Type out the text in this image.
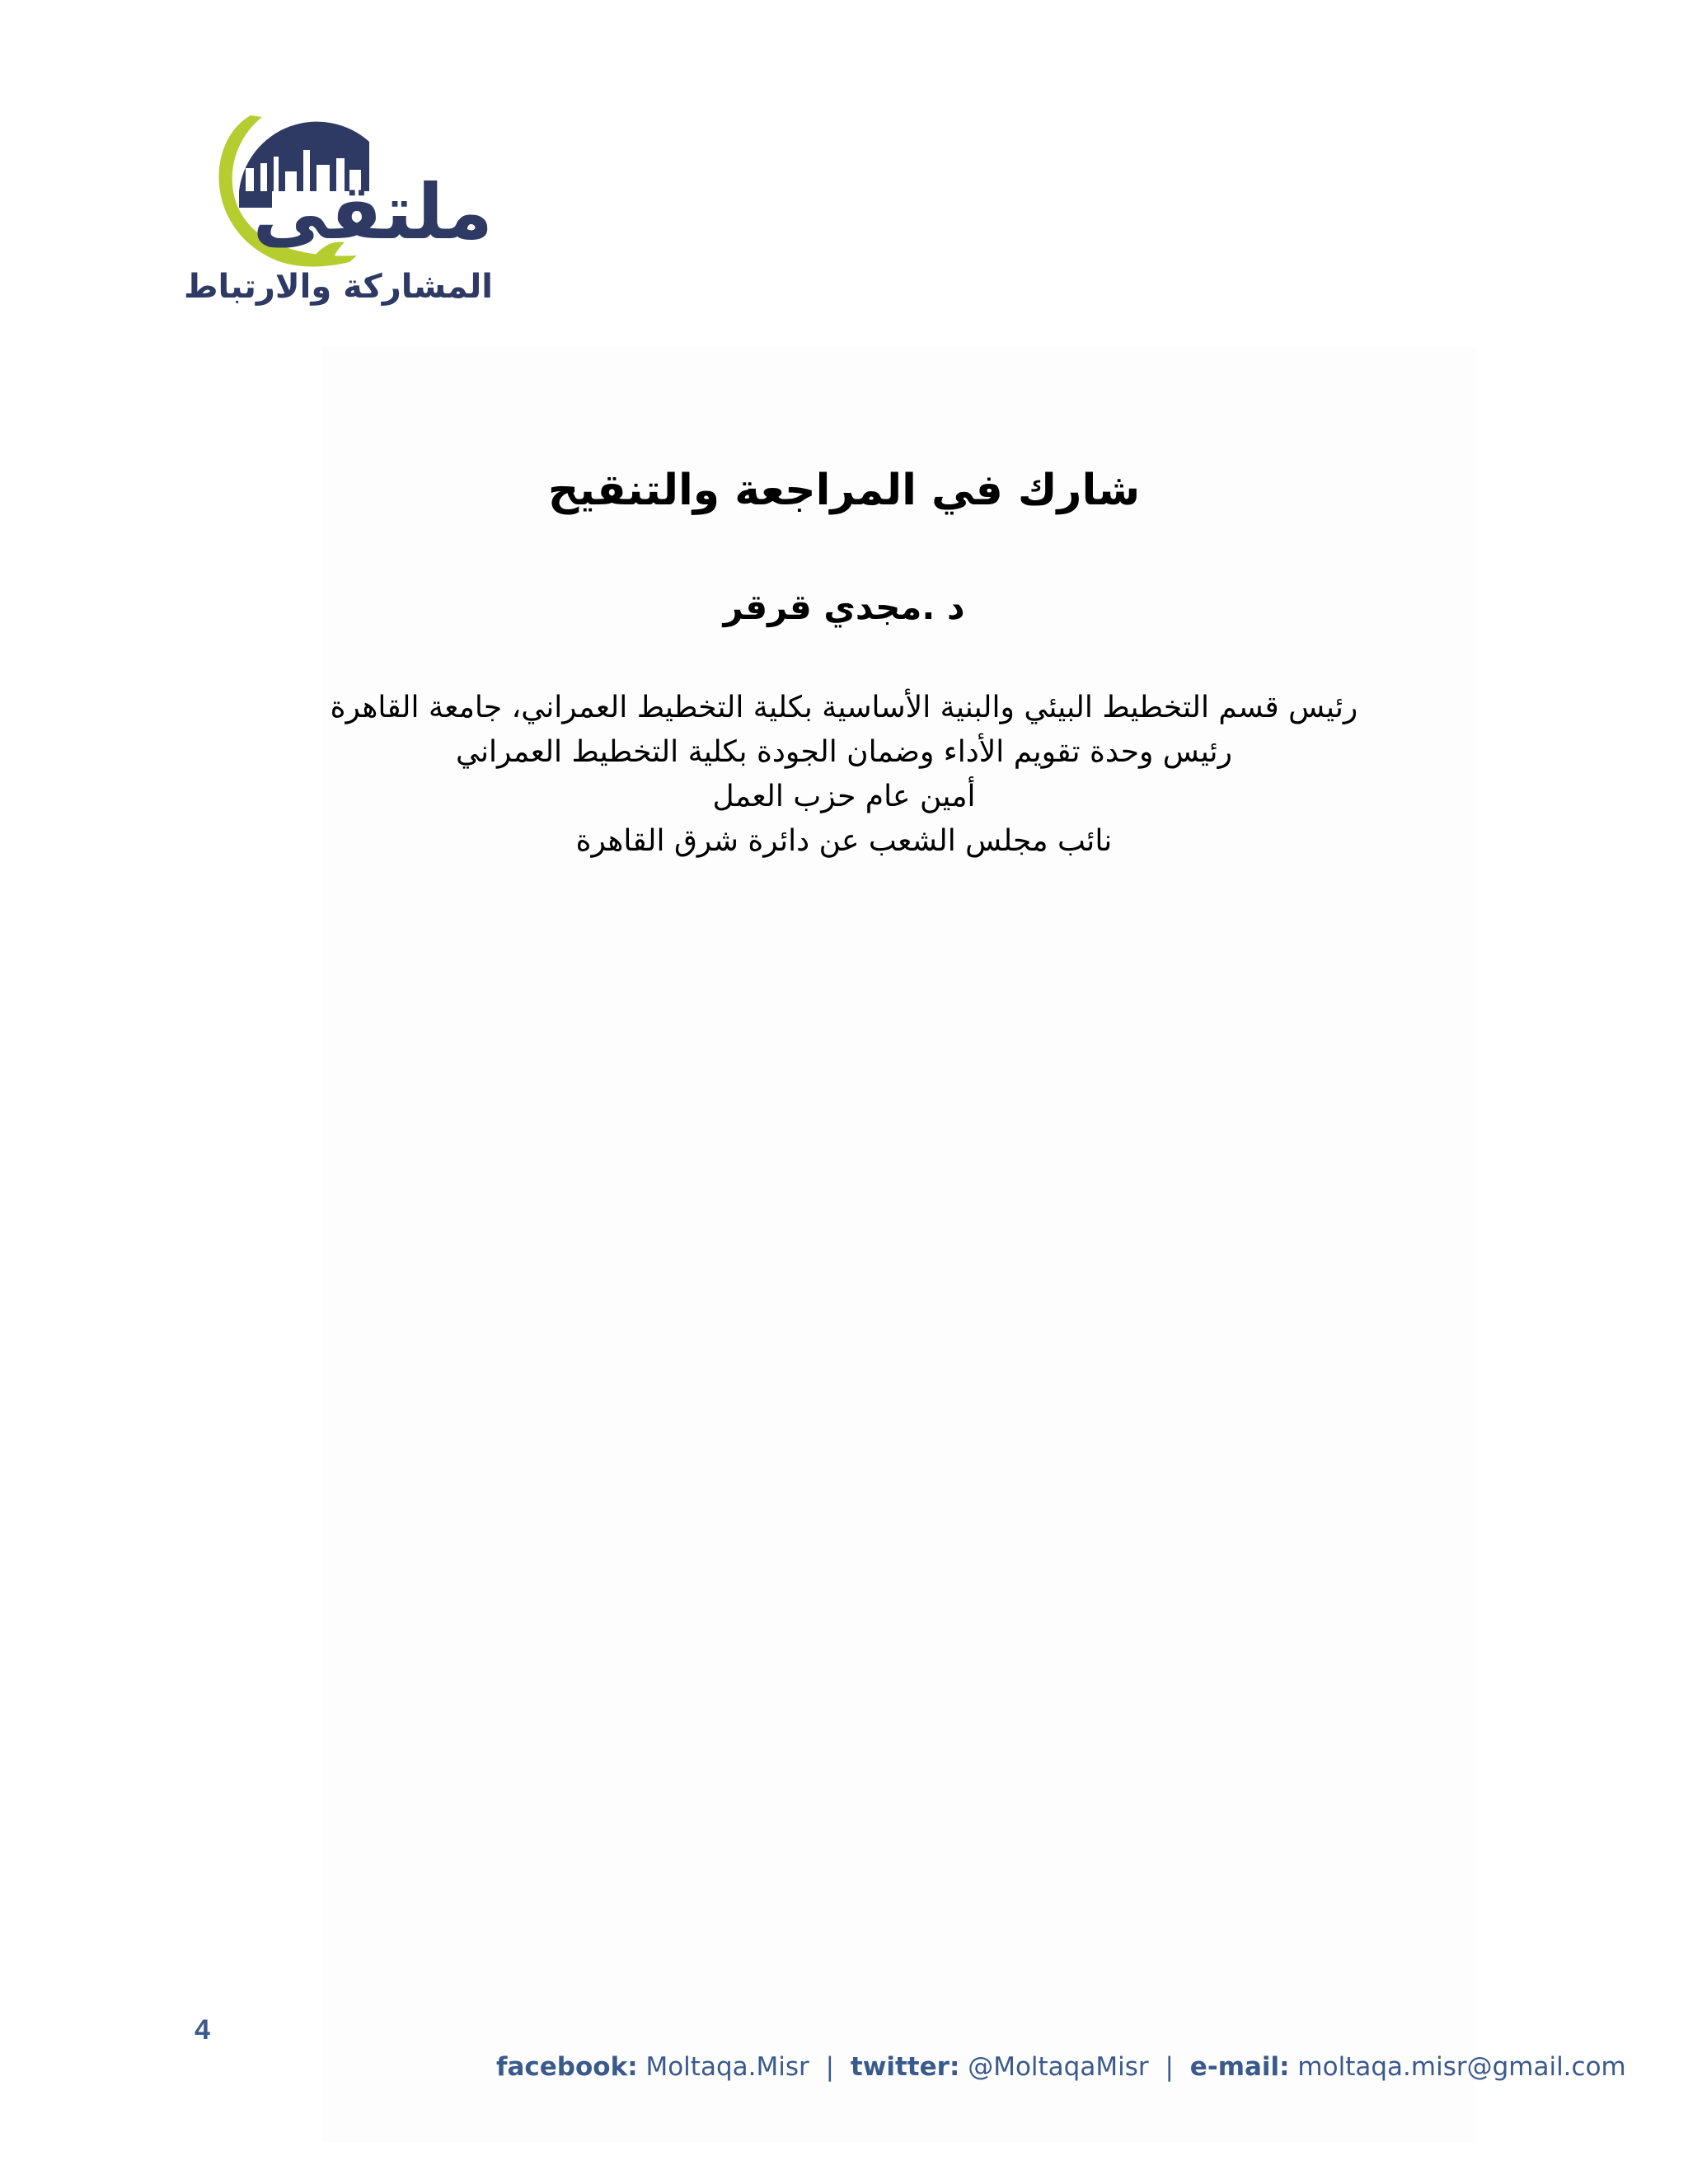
ملتقى
المشاركة والارتباط
شارك في المراجعة والتنقيح
د .مجدي قرقر
رئيس قسم التخطيط البيئي والبنية الأساسية بكلية التخطيط العمراني، جامعة القاهرة
رئيس وحدة تقويم الأداء وضمان الجودة بكلية التخطيط العمراني
أمين عام حزب العمل
نائب مجلس الشعب عن دائرة شرق القاهرة
4
facebook: Moltaqa.Misr | twitter: @MoltaqaMisr | e-mail: moltaqa.misr@gmail.com
